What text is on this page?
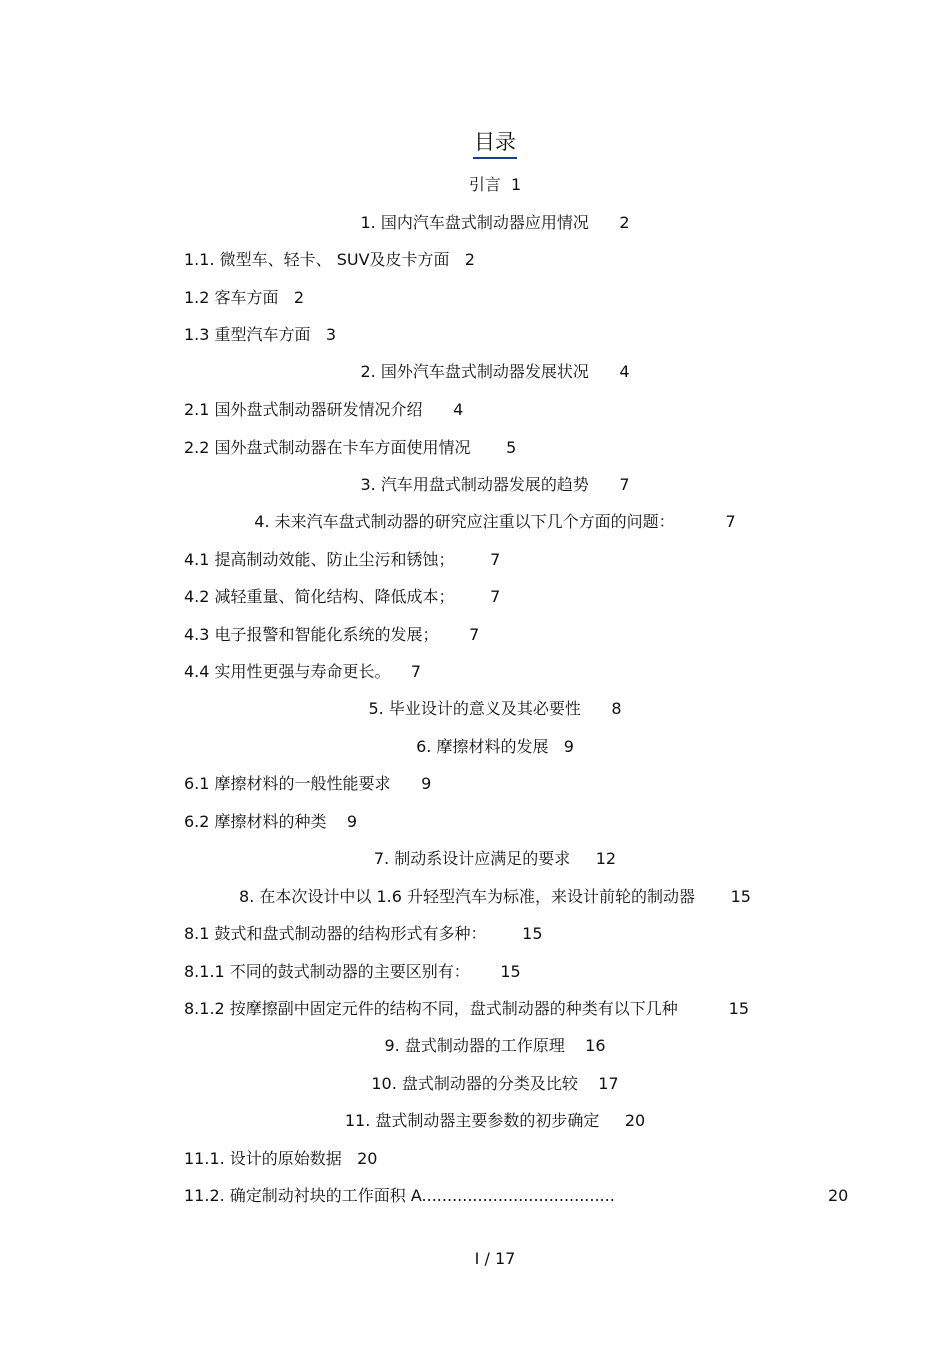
目录
引言 1
1. 国内汽车盘式制动器应用情况 2
1.1. 微型车、轻卡、 SUV及皮卡方面 2
1.2 客车方面 2
1.3 重型汽车方面 3
2. 国外汽车盘式制动器发展状况 4
2.1 国外盘式制动器研发情况介绍 4
2.2 国外盘式制动器在卡车方面使用情况 5
3. 汽车用盘式制动器发展的趋势 7
4. 未来汽车盘式制动器的研究应注重以下几个方面的问题：	7
4.1 提高制动效能、防止尘污和锈蚀； 7
4.2 减轻重量、简化结构、降低成本； 7
4.3 电子报警和智能化系统的发展； 7
4.4 实用性更强与寿命更长。 7
5. 毕业设计的意义及其必要性 8
6. 摩擦材料的发展 9
6.1 摩擦材料的一般性能要求 9
6.2 摩擦材料的种类 9
7. 制动系设计应满足的要求 12
8. 在本次设计中以 1.6 升轻型汽车为标准，来设计前轮的制动器 15
8.1 鼓式和盘式制动器的结构形式有多种： 15
8.1.1 不同的鼓式制动器的主要区别有： 15
8.1.2 按摩擦副中固定元件的结构不同，盘式制动器的种类有以下几种	15
9. 盘式制动器的工作原理 16
10. 盘式制动器的分类及比较 17
11. 盘式制动器主要参数的初步确定 20
11.1. 设计的原始数据 20
11.2. 确定制动衬块的工作面积 A......................................	20
I / 17
